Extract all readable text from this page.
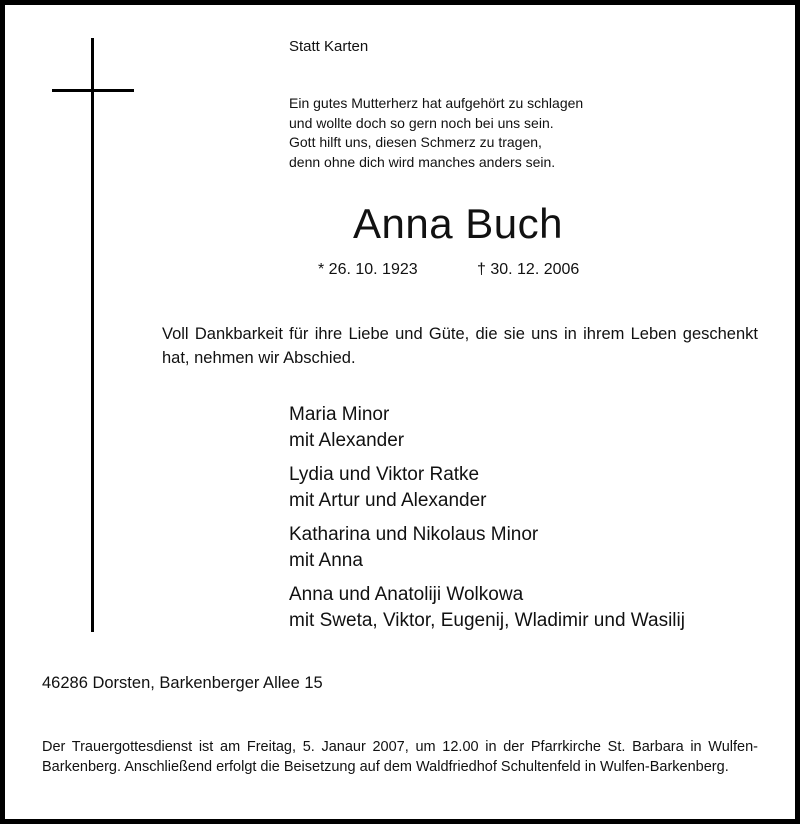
Statt Karten

Ein gutes Mutterherz hat aufgehört zu schlagen
und wollte doch so gern noch bei uns sein.
Gott hilft uns, diesen Schmerz zu tragen,
denn ohne dich wird manches anders sein.
Anna Buch
* 26. 10. 1923	† 30. 12. 2006

Voll Dankbarkeit für ihre Liebe und Güte, die sie uns in ihrem Leben geschenkt hat, nehmen wir Abschied.

Maria Minor
mit Alexander
Lydia und Viktor Ratke
mit Artur und Alexander
Katharina und Nikolaus Minor
mit Anna
Anna und Anatoliji Wolkowa
mit Sweta, Viktor, Eugenij, Wladimir und Wasilij

46286 Dorsten, Barkenberger Allee 15

Der Trauergottesdienst ist am Freitag, 5. Janaur 2007, um 12.00 in der Pfarrkirche St. Barbara in Wulfen-Barkenberg. Anschließend erfolgt die Beisetzung auf dem Waldfriedhof Schultenfeld in Wulfen-Barkenberg.
